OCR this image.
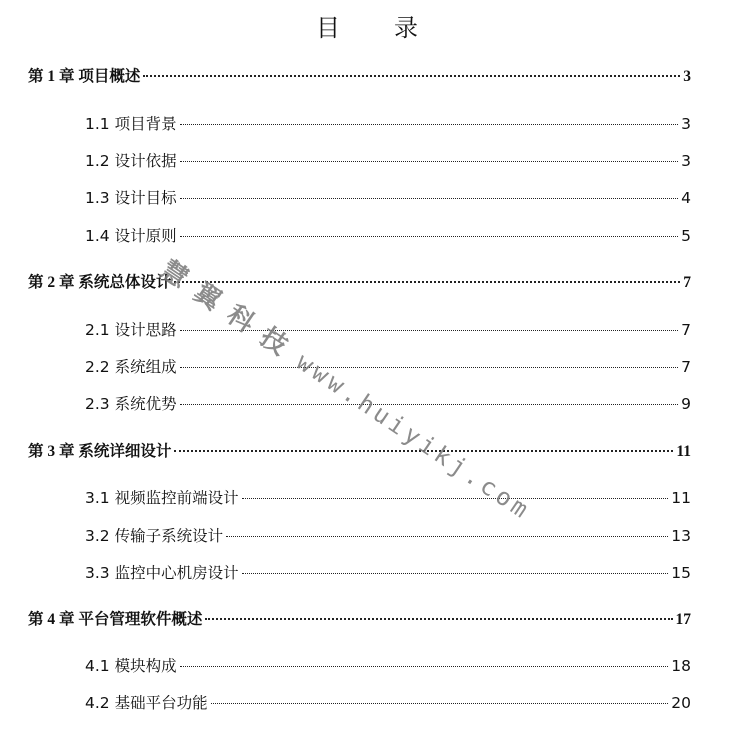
目　　录
第 1 章 项目概述	3
1.1 项目背景	3
1.2 设计依据	3
1.3 设计目标	4
1.4 设计原则	5
第 2 章 系统总体设计	7
2.1 设计思路	7
2.2 系统组成	7
2.3 系统优势	9
第 3 章 系统详细设计	11
3.1 视频监控前端设计	11
3.2 传输子系统设计	13
3.3 监控中心机房设计	15
第 4 章 平台管理软件概述	17
4.1 模块构成	18
4.2 基础平台功能	20
慧翼科技www.huiyikj.com
